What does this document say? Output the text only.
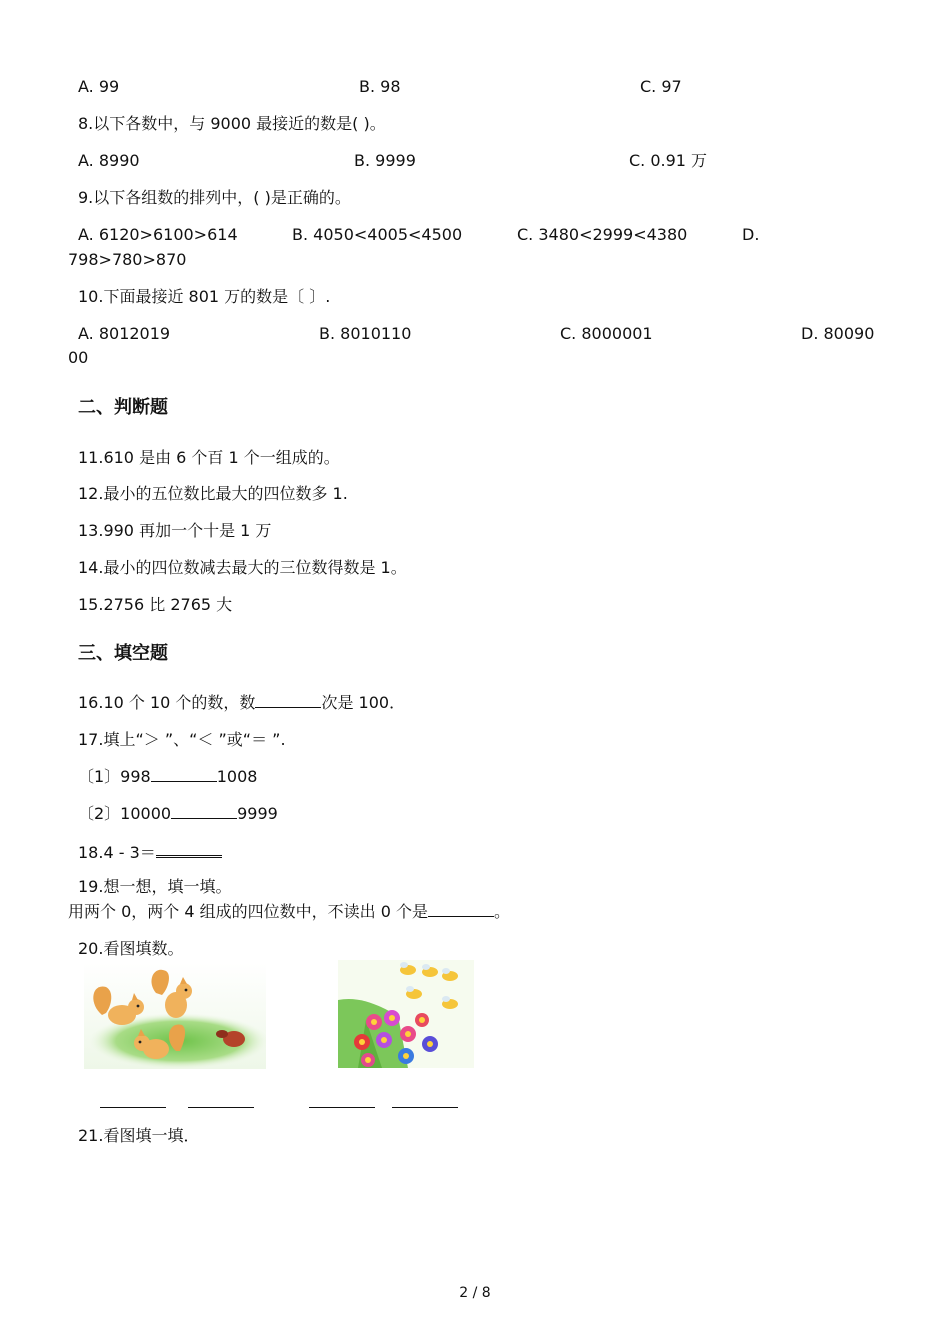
A. 99	B. 98	C. 97
8.以下各数中，与 9000 最接近的数是( )。
A. 8990	B. 9999	C. 0.91 万
9.以下各组数的排列中，( )是正确的。
A. 6120>6100>614	B. 4050<4005<4500	C. 3480<2999<4380	D.
798>780>870
10.下面最接近 801 万的数是〔 〕.
A. 8012019	B. 8010110	C. 8000001	D. 80090
00
二、判断题
11.610 是由 6 个百 1 个一组成的。
12.最小的五位数比最大的四位数多 1.
13.990 再加一个十是 1 万
14.最小的四位数减去最大的三位数得数是 1。
15.2756 比 2765 大
三、填空题
16.10 个 10 个的数，数	次是 100．
17.填上“＞ ”、“＜ ”或“＝ ”.
〔1〕998	1008
〔2〕10000	9999
18.4 - 3＝
19.想一想，填一填。
用两个 0，两个 4 组成的四位数中，不读出 0 个是	。
20.看图填数。
21.看图填一填．
2 / 8
